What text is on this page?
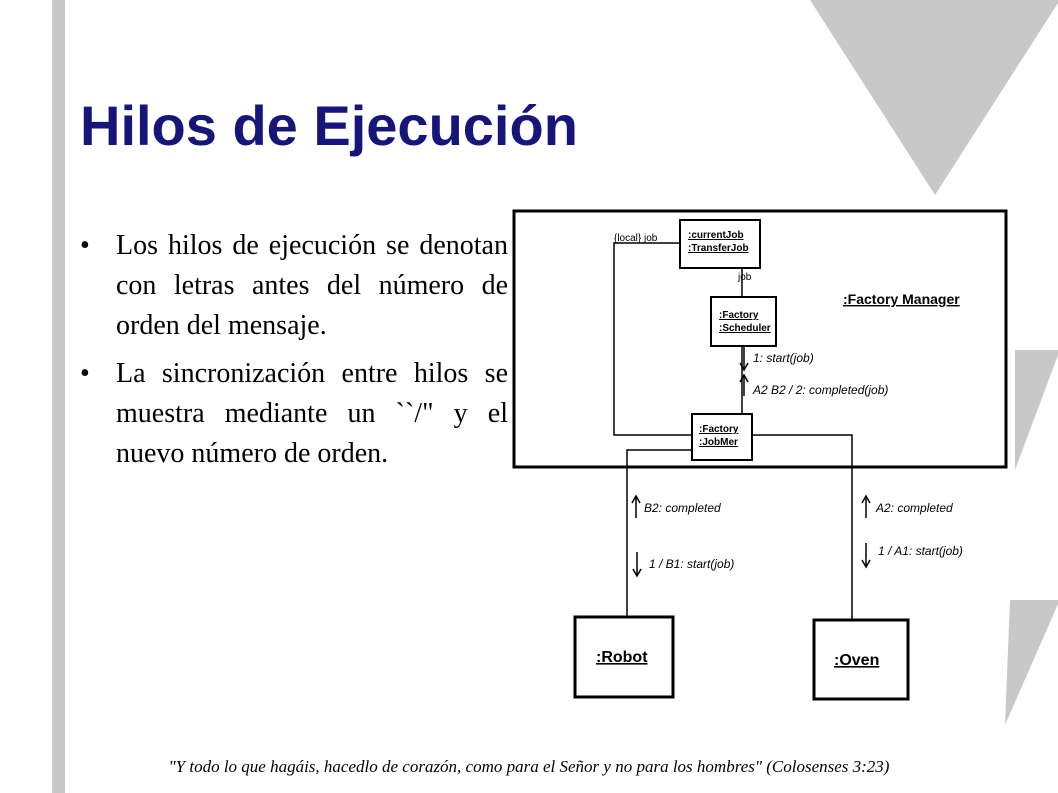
Hilos de Ejecución
• Los hilos de ejecución se denotan con letras antes del número de orden del mensaje.
• La sincronización entre hilos se muestra mediante un ``/" y el nuevo número de orden.
:Factory Manager
{local} job
job
:currentJob
:TransferJob
:Factory
:Scheduler
:Factory
:JobMer
:Robot	:Oven
1: start(job)
A2 B2 / 2: completed(job)
B2: completed
1 / B1: start(job)
A2: completed
1 / A1: start(job)
"Y todo lo que hagáis, hacedlo de corazón, como para el Señor y no para los hombres" (Colosenses 3:23)
